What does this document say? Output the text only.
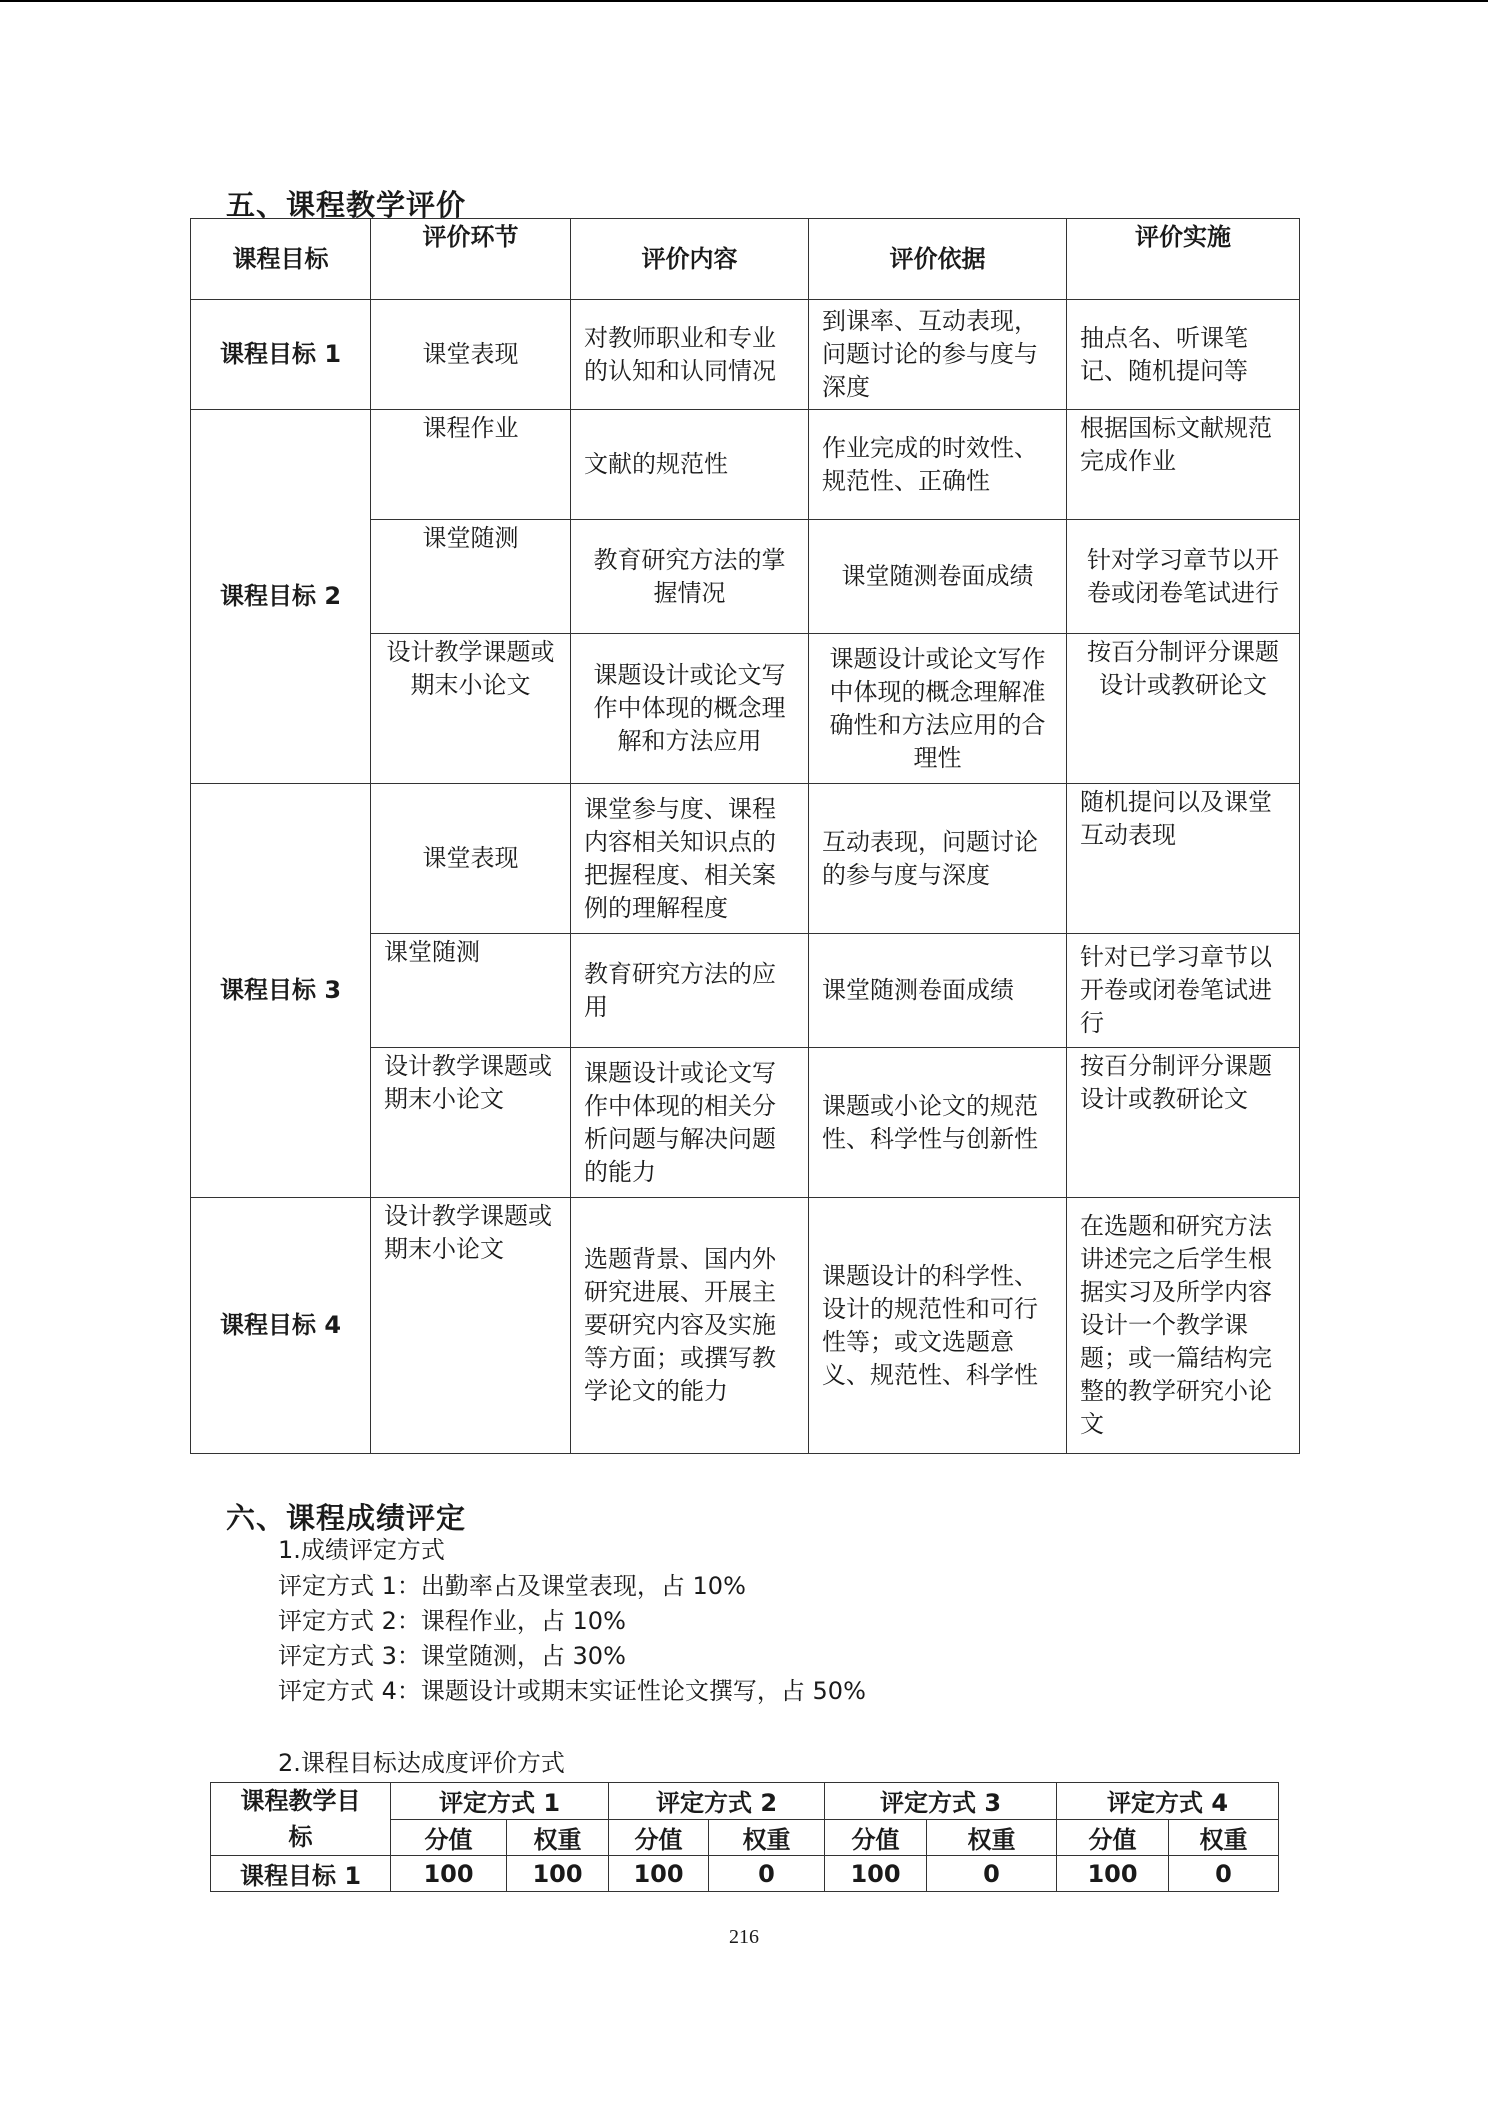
五、课程教学评价
课程目标	评价环节	评价内容	评价依据	评价实施
课程目标 1	课堂表现	对教师职业和专业的认知和认同情况	到课率、互动表现，问题讨论的参与度与深度	抽点名、听课笔记、随机提问等
课程目标 2	课程作业	文献的规范性	作业完成的时效性、规范性、正确性	根据国标文献规范完成作业
	课堂随测	教育研究方法的掌握情况	课堂随测卷面成绩	针对学习章节以开卷或闭卷笔试进行
	设计教学课题或期末小论文	课题设计或论文写作中体现的概念理解和方法应用	课题设计或论文写作中体现的概念理解准确性和方法应用的合理性	按百分制评分课题设计或教研论文
课程目标 3	课堂表现	课堂参与度、课程内容相关知识点的把握程度、相关案例的理解程度	互动表现，问题讨论的参与度与深度	随机提问以及课堂互动表现
	课堂随测	教育研究方法的应用	课堂随测卷面成绩	针对已学习章节以开卷或闭卷笔试进行
	设计教学课题或期末小论文	课题设计或论文写作中体现的相关分析问题与解决问题的能力	课题或小论文的规范性、科学性与创新性	按百分制评分课题设计或教研论文
课程目标 4	设计教学课题或期末小论文	选题背景、国内外研究进展、开展主要研究内容及实施等方面；或撰写教学论文的能力	课题设计的科学性、设计的规范性和可行性等；或文选题意义、规范性、科学性	在选题和研究方法讲述完之后学生根据实习及所学内容设计一个教学课题；或一篇结构完整的教学研究小论文
六、课程成绩评定
1.成绩评定方式
评定方式 1：出勤率占及课堂表现，占 10%
评定方式 2：课程作业，占 10%
评定方式 3：课堂随测，占 30%
评定方式 4：课题设计或期末实证性论文撰写，占 50%
2.课程目标达成度评价方式
课程教学目标	评定方式 1		评定方式 2		评定方式 3		评定方式 4	
	分值	权重	分值	权重	分值	权重	分值	权重
课程目标 1	100	100	100	0	100	0	100	0
216
